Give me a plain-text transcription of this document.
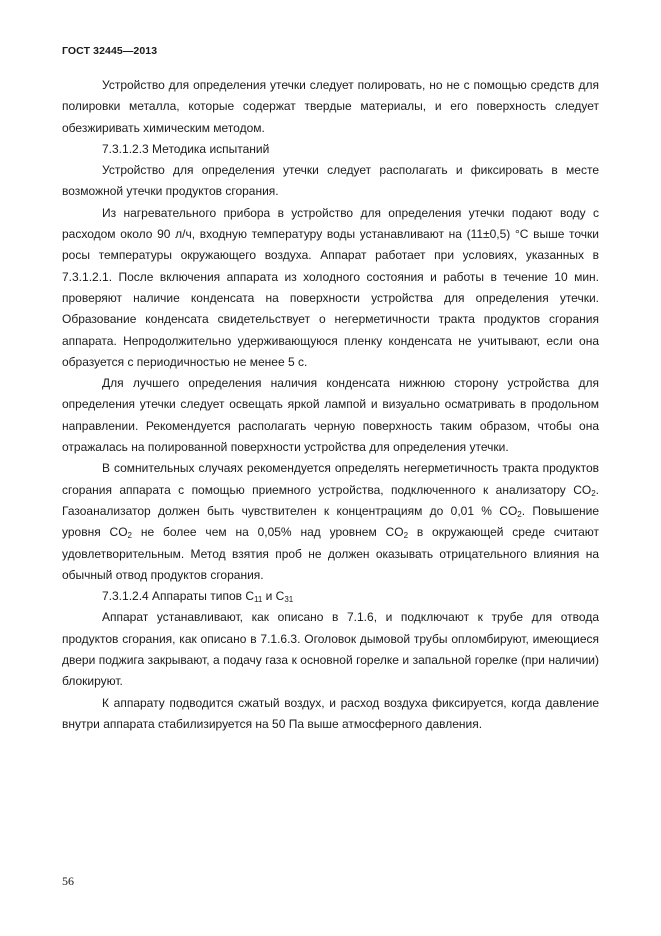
ГОСТ 32445—2013

Устройство для определения утечки следует полировать, но не с помощью средств для полировки металла, которые содержат твердые материалы, и его поверхность следует обезжиривать химическим методом.

7.3.1.2.3 Методика испытаний

Устройство для определения утечки следует располагать и фиксировать в месте возможной утечки продуктов сгорания.

Из нагревательного прибора в устройство для определения утечки подают воду с расходом около 90 л/ч, входную температуру воды устанавливают на (11±0,5) °С выше точки росы температуры окружающего воздуха. Аппарат работает при условиях, указанных в 7.3.1.2.1. После включения аппарата из холодного состояния и работы в течение 10 мин. проверяют наличие конденсата на поверхности устройства для определения утечки. Образование конденсата свидетельствует о негерметичности тракта продуктов сгорания аппарата. Непродолжительно удерживающуюся пленку конденсата не учитывают, если она образуется с периодичностью не менее 5 с.

Для лучшего определения наличия конденсата нижнюю сторону устройства для определения утечки следует освещать яркой лампой и визуально осматривать в продольном направлении. Рекомендуется располагать черную поверхность таким образом, чтобы она отражалась на полированной поверхности устройства для определения утечки.

В сомнительных случаях рекомендуется определять негерметичность тракта продуктов сгорания аппарата с помощью приемного устройства, подключенного к анализатору $CO_2$. Газоанализатор должен быть чувствителен к концентрациям до 0,01 % $CO_2$. Повышение уровня $CO_2$ не более чем на 0,05% над уровнем $CO_2$ в окружающей среде считают удовлетворительным. Метод взятия проб не должен оказывать отрицательного влияния на обычный отвод продуктов сгорания.

7.3.1.2.4 Аппараты типов $C_{11}$ и $C_{31}$

Аппарат устанавливают, как описано в 7.1.6, и подключают к трубе для отвода продуктов сгорания, как описано в 7.1.6.3. Оголовок дымовой трубы опломбируют, имеющиеся двери поджига закрывают, а подачу газа к основной горелке и запальной горелке (при наличии) блокируют.

К аппарату подводится сжатый воздух, и расход воздуха фиксируется, когда давление внутри аппарата стабилизируется на 50 Па выше атмосферного давления.

56
